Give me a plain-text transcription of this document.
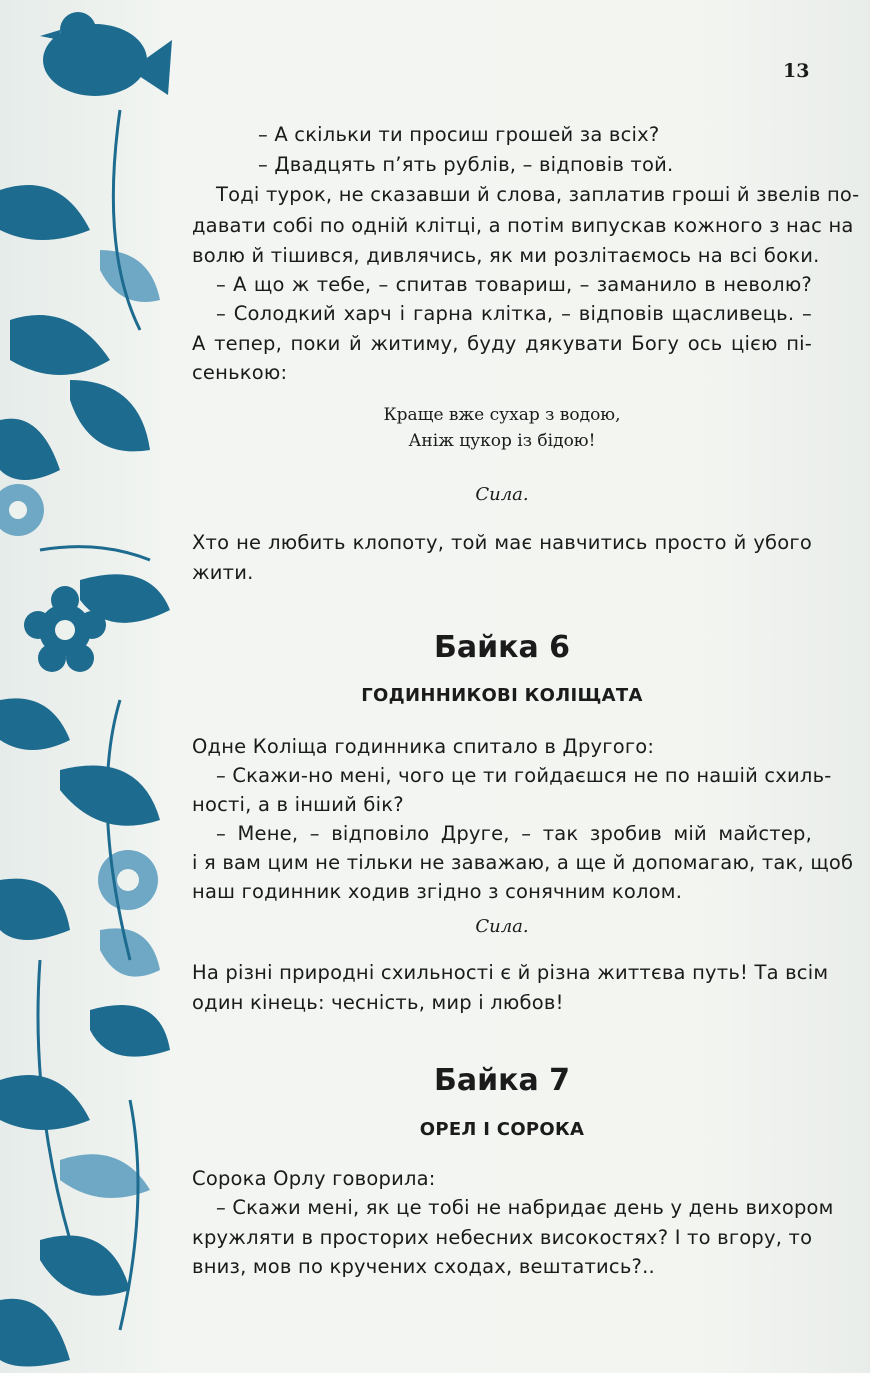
13
– А скільки ти просиш грошей за всіх?
– Двадцять п’ять рублів, – відповів той.
Тоді турок, не сказавши й слова, заплатив гроші й звелів по-
давати собі по одній клітці, а потім випускав кожного з нас на
волю й тішився, дивлячись, як ми розлітаємось на всі боки.
– А що ж тебе, – спитав товариш, – заманило в неволю?
– Солодкий харч і гарна клітка, – відповів щасливець. –
А тепер, поки й житиму, буду дякувати Богу ось цією пі-
сенькою:
Краще вже сухар з водою,
Аніж цукор із бідою!
Сила.
Хто не любить клопоту, той має навчитись просто й убого
жити.
Байка 6
ГОДИННИКОВІ КОЛІЩАТА
Одне Коліща годинника спитало в Другого:
– Скажи-но мені, чого це ти гойдаєшся не по нашій схиль-
ності, а в інший бік?
– Мене, – відповіло Друге, – так зробив мій майстер,
і я вам цим не тільки не заважаю, а ще й допомагаю, так, щоб
наш годинник ходив згідно з сонячним колом.
Сила.
На різні природні схильності є й різна життєва путь! Та всім
один кінець: чесність, мир і любов!
Байка 7
ОРЕЛ І СОРОКА
Сорока Орлу говорила:
– Скажи мені, як це тобі не набридає день у день вихором
кружляти в просторих небесних високостях? І то вгору, то
вниз, мов по кручених сходах, вештатись?..
